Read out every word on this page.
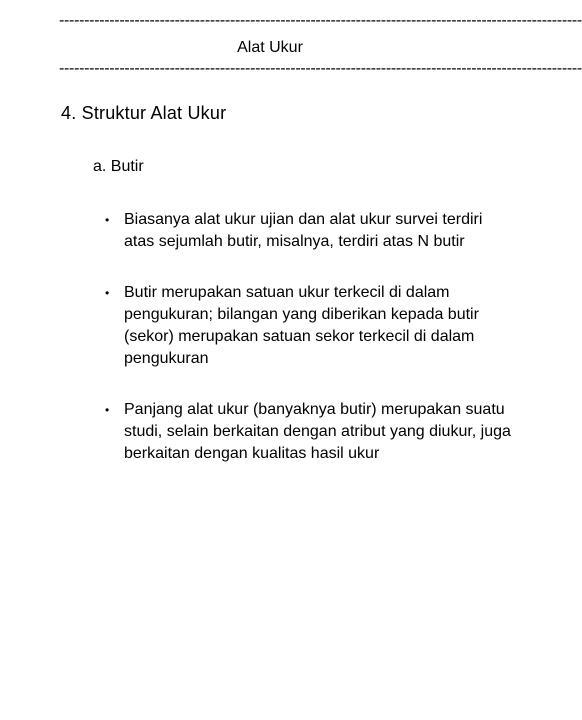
--------------------------------------------------------------------------------------------------------
Alat Ukur
--------------------------------------------------------------------------------------------------------
4. Struktur Alat Ukur
a. Butir
• Biasanya alat ukur ujian dan alat ukur survei terdiri atas sejumlah butir, misalnya, terdiri atas N butir
• Butir merupakan satuan ukur terkecil di dalam pengukuran; bilangan yang diberikan kepada butir (sekor) merupakan satuan sekor terkecil di dalam pengukuran
• Panjang alat ukur (banyaknya butir) merupakan suatu studi, selain berkaitan dengan atribut yang diukur, juga berkaitan dengan kualitas hasil ukur
